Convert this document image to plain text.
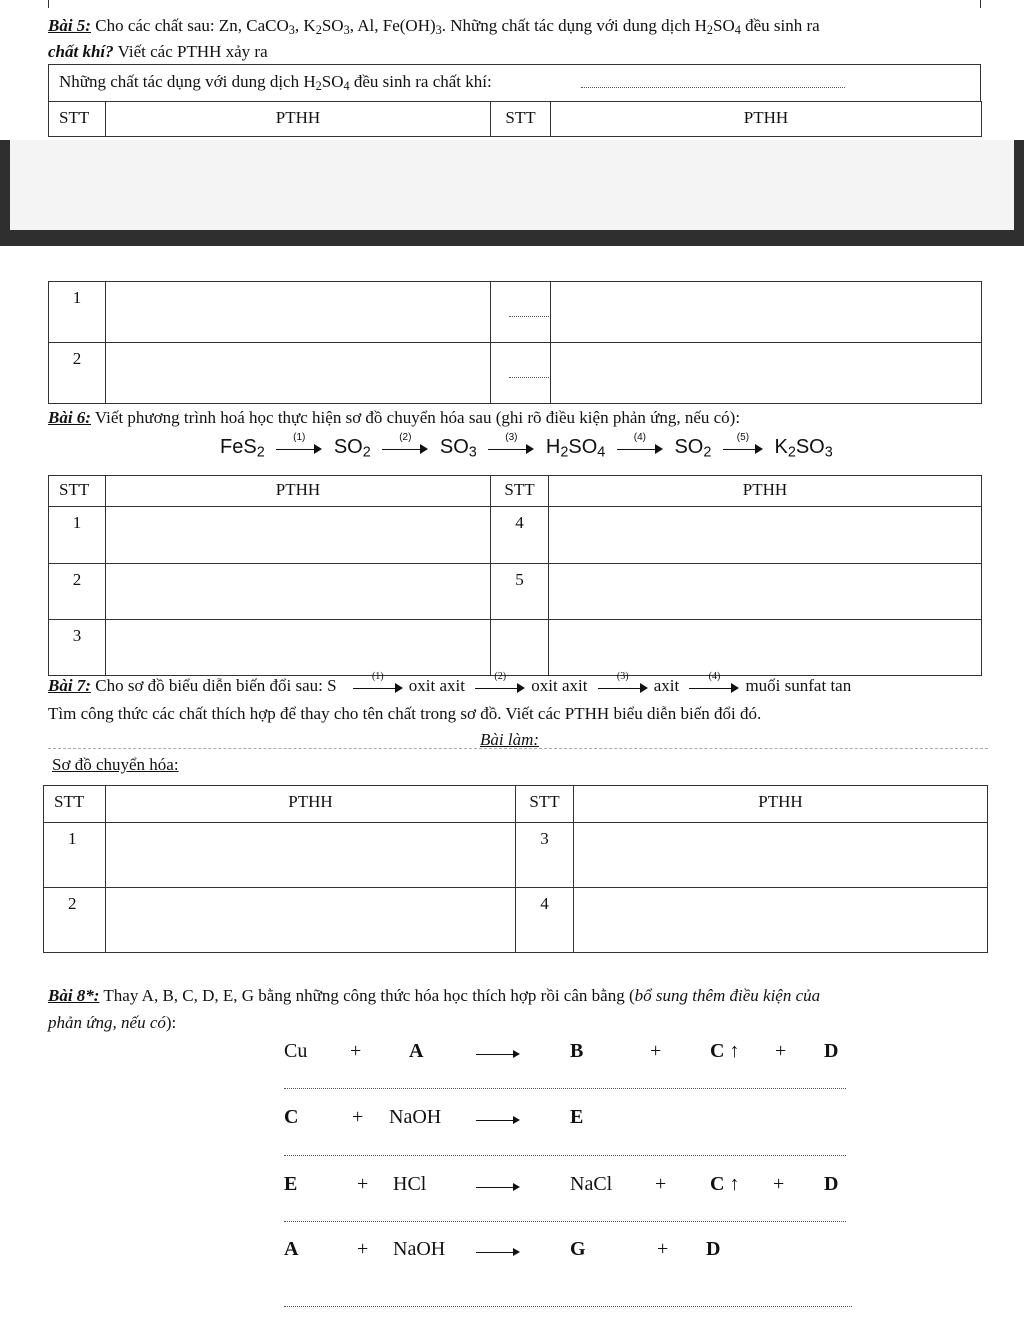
Bài 5: Cho các chất sau: Zn, CaCO$_3$, $K_2SO_3$, Al, $Fe(OH)_3$. Những chất tác dụng với dung dịch $H_2SO_4$ đều sinh ra
chất khí? Viết các PTHH xảy ra
Những chất tác dụng với dung dịch $H_2SO_4$ đều sinh ra chất khí:
STT	PTHH	STT	PTHH
1		

2		

Bài 6: Viết phương trình hoá học thực hiện sơ đồ chuyển hóa sau (ghi rõ điều kiện phản ứng, nếu có):
FeS$_2$
(1)	$SO_2$
(2)	$SO_3$
(3)	$H_2SO_4$
(4)	$SO_2$
(5)	$K_2SO_3$
STT	PTHH	STT	PTHH
1		4	
2		5	
3			
Bài 7: Cho sơ đồ biểu diễn biến đổi sau: S	(1)	oxit axit	(2)	oxit axit	(3)	axit	(4)	muối sunfat tan
Tìm công thức các chất thích hợp để thay cho tên chất trong sơ đồ. Viết các PTHH biểu diễn biến đổi đó.
Bài làm:
Sơ đồ chuyển hóa:
STT	PTHH	STT	PTHH
1		3	
2		4	
Bài 8*: Thay A, B, C, D, E, G bằng những công thức hóa học thích hợp rồi cân bằng (bổ sung thêm điều kiện của
phản ứng, nếu có):
Cu + A	B	+ C ↑ + D
C	+ NaOH	E
E	+ HCl	NaCl + C ↑ + D
A	+ NaOH	G	+ D
